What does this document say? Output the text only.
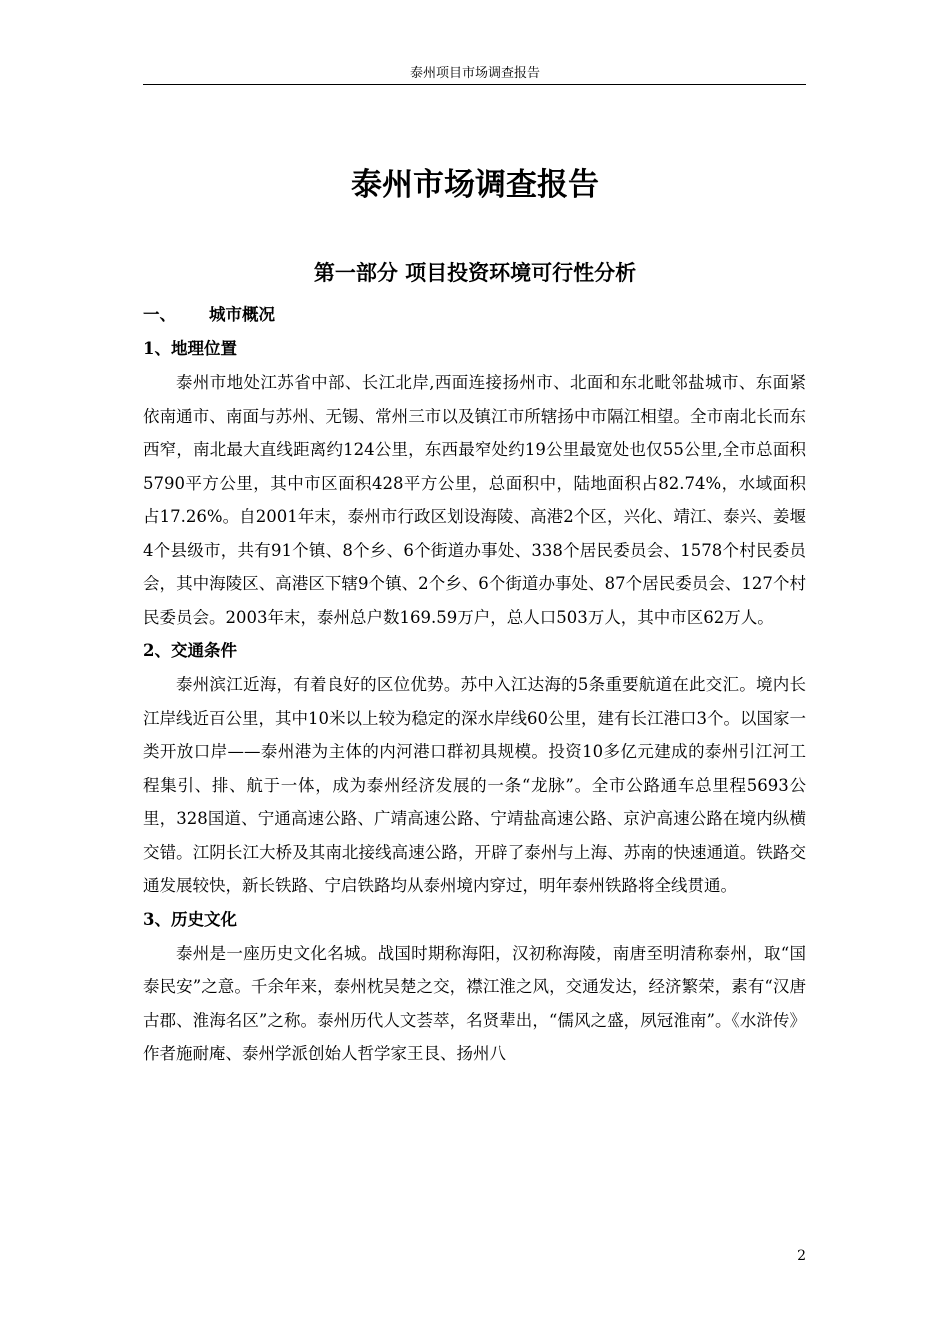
泰州项目市场调查报告
泰州市场调查报告
第一部分 项目投资环境可行性分析
一、 城市概况
1、地理位置

泰州市地处江苏省中部、长江北岸,西面连接扬州市、北面和东北毗邻盐城市、东面紧依南通市、南面与苏州、无锡、常州三市以及镇江市所辖扬中市隔江相望。全市南北长而东西窄，南北最大直线距离约124公里，东西最窄处约19公里最宽处也仅55公里,全市总面积5790平方公里，其中市区面积428平方公里，总面积中，陆地面积占82.74%，水域面积占17.26%。自2001年末，泰州市行政区划设海陵、高港2个区，兴化、靖江、泰兴、姜堰4个县级市，共有91个镇、8个乡、6个街道办事处、338个居民委员会、1578个村民委员会，其中海陵区、高港区下辖9个镇、2个乡、6个街道办事处、87个居民委员会、127个村民委员会。2003年末，泰州总户数169.59万户，总人口503万人，其中市区62万人。

2、交通条件

泰州滨江近海，有着良好的区位优势。苏中入江达海的5条重要航道在此交汇。境内长江岸线近百公里，其中10米以上较为稳定的深水岸线60公里，建有长江港口3个。以国家一类开放口岸——泰州港为主体的内河港口群初具规模。投资10多亿元建成的泰州引江河工程集引、排、航于一体，成为泰州经济发展的一条“龙脉”。全市公路通车总里程5693公里，328国道、宁通高速公路、广靖高速公路、宁靖盐高速公路、京沪高速公路在境内纵横交错。江阴长江大桥及其南北接线高速公路，开辟了泰州与上海、苏南的快速通道。铁路交通发展较快，新长铁路、宁启铁路均从泰州境内穿过，明年泰州铁路将全线贯通。

3、历史文化

泰州是一座历史文化名城。战国时期称海阳，汉初称海陵，南唐至明清称泰州，取“国泰民安”之意。千余年来，泰州枕吴楚之交，襟江淮之风，交通发达，经济繁荣，素有“汉唐古郡、淮海名区”之称。泰州历代人文荟萃，名贤辈出，“儒风之盛，夙冠淮南”。《水浒传》作者施耐庵、泰州学派创始人哲学家王艮、扬州八

2
